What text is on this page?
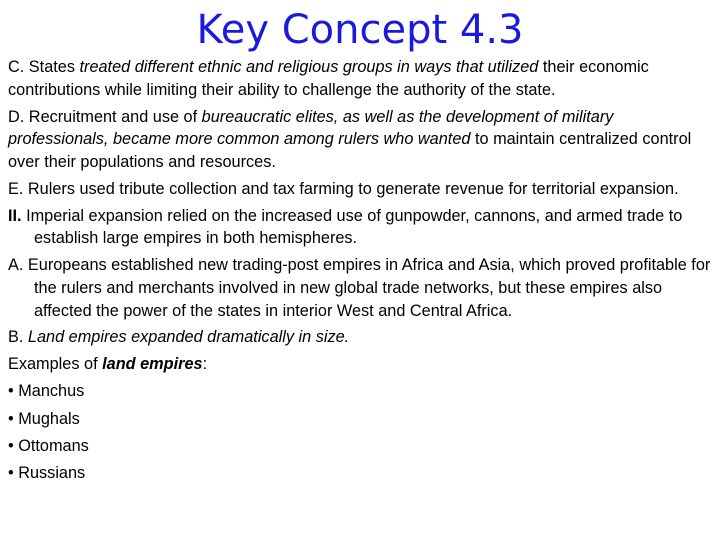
Key Concept 4.3

C. States treated different ethnic and religious groups in ways that utilized their economic contributions while limiting their ability to challenge the authority of the state.

D. Recruitment and use of bureaucratic elites, as well as the development of military professionals, became more common among rulers who wanted to maintain centralized control over their populations and resources.

E. Rulers used tribute collection and tax farming to generate revenue for territorial expansion.

II. Imperial expansion relied on the increased use of gunpowder, cannons, and armed trade to establish large empires in both hemispheres.

A. Europeans established new trading-post empires in Africa and Asia, which proved profitable for the rulers and merchants involved in new global trade networks, but these empires also affected the power of the states in interior West and Central Africa.

B. Land empires expanded dramatically in size.

Examples of land empires:

• Manchus
• Mughals
• Ottomans
• Russians
